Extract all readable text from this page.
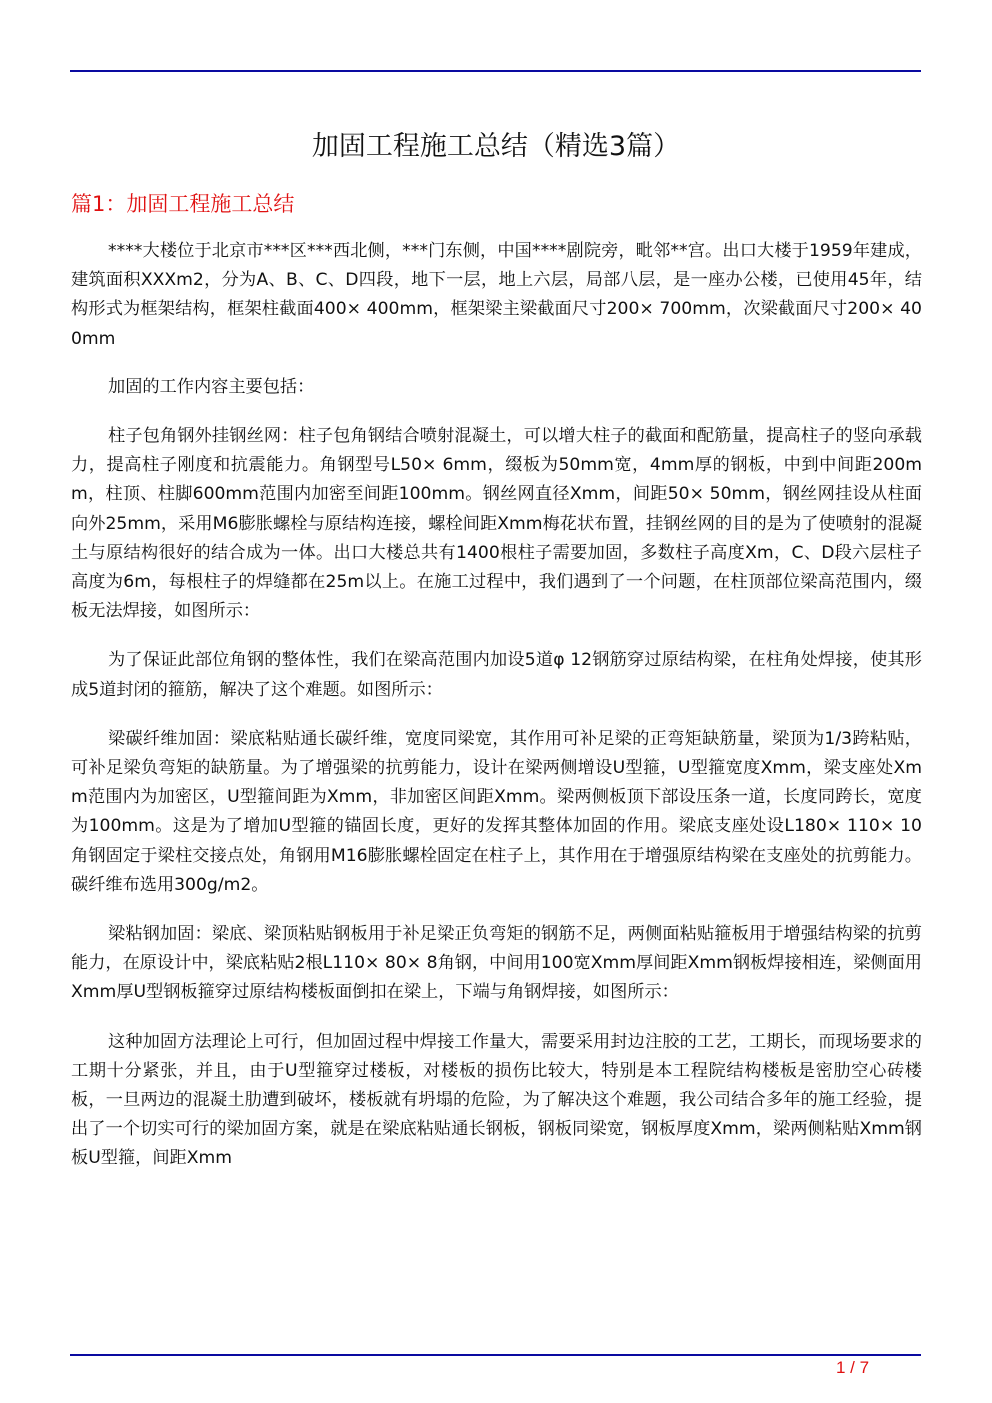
加固工程施工总结（精选3篇）
篇1：加固工程施工总结

****大楼位于北京市***区***西北侧，***门东侧，中国****剧院旁，毗邻**宫。出口大楼于1959年建成，建筑面积XXXm2，分为A、B、C、D四段，地下一层，地上六层，局部八层，是一座办公楼，已使用45年，结构形式为框架结构，框架柱截面400× 400mm，框架梁主梁截面尺寸200× 700mm，次梁截面尺寸200× 400mm

加固的工作内容主要包括：

柱子包角钢外挂钢丝网：柱子包角钢结合喷射混凝土，可以增大柱子的截面和配筋量，提高柱子的竖向承载力，提高柱子刚度和抗震能力。角钢型号L50× 6mm，缀板为50mm宽，4mm厚的钢板，中到中间距200mm，柱顶、柱脚600mm范围内加密至间距100mm。钢丝网直径Xmm，间距50× 50mm，钢丝网挂设从柱面向外25mm，采用M6膨胀螺栓与原结构连接，螺栓间距Xmm梅花状布置，挂钢丝网的目的是为了使喷射的混凝土与原结构很好的结合成为一体。出口大楼总共有1400根柱子需要加固，多数柱子高度Xm，C、D段六层柱子高度为6m，每根柱子的焊缝都在25m以上。在施工过程中，我们遇到了一个问题，在柱顶部位梁高范围内，缀板无法焊接，如图所示：

为了保证此部位角钢的整体性，我们在梁高范围内加设5道φ 12钢筋穿过原结构梁，在柱角处焊接，使其形成5道封闭的箍筋，解决了这个难题。如图所示：

梁碳纤维加固：梁底粘贴通长碳纤维，宽度同梁宽，其作用可补足梁的正弯矩缺筋量，梁顶为1/3跨粘贴，可补足梁负弯矩的缺筋量。为了增强梁的抗剪能力，设计在梁两侧增设U型箍，U型箍宽度Xmm，梁支座处Xmm范围内为加密区，U型箍间距为Xmm，非加密区间距Xmm。梁两侧板顶下部设压条一道，长度同跨长，宽度为100mm。这是为了增加U型箍的锚固长度，更好的发挥其整体加固的作用。梁底支座处设L180× 110× 10角钢固定于梁柱交接点处，角钢用M16膨胀螺栓固定在柱子上，其作用在于增强原结构梁在支座处的抗剪能力。碳纤维布选用300g/m2。

梁粘钢加固：梁底、梁顶粘贴钢板用于补足梁正负弯矩的钢筋不足，两侧面粘贴箍板用于增强结构梁的抗剪能力，在原设计中，梁底粘贴2根L110× 80× 8角钢，中间用100宽Xmm厚间距Xmm钢板焊接相连，梁侧面用Xmm厚U型钢板箍穿过原结构楼板面倒扣在梁上，下端与角钢焊接，如图所示：

这种加固方法理论上可行，但加固过程中焊接工作量大，需要采用封边注胶的工艺，工期长，而现场要求的工期十分紧张，并且，由于U型箍穿过楼板，对楼板的损伤比较大，特别是本工程院结构楼板是密肋空心砖楼板，一旦两边的混凝土肋遭到破坏，楼板就有坍塌的危险，为了解决这个难题，我公司结合多年的施工经验，提出了一个切实可行的梁加固方案，就是在梁底粘贴通长钢板，钢板同梁宽，钢板厚度Xmm，梁两侧粘贴Xmm钢板U型箍，间距Xmm

1 / 7
